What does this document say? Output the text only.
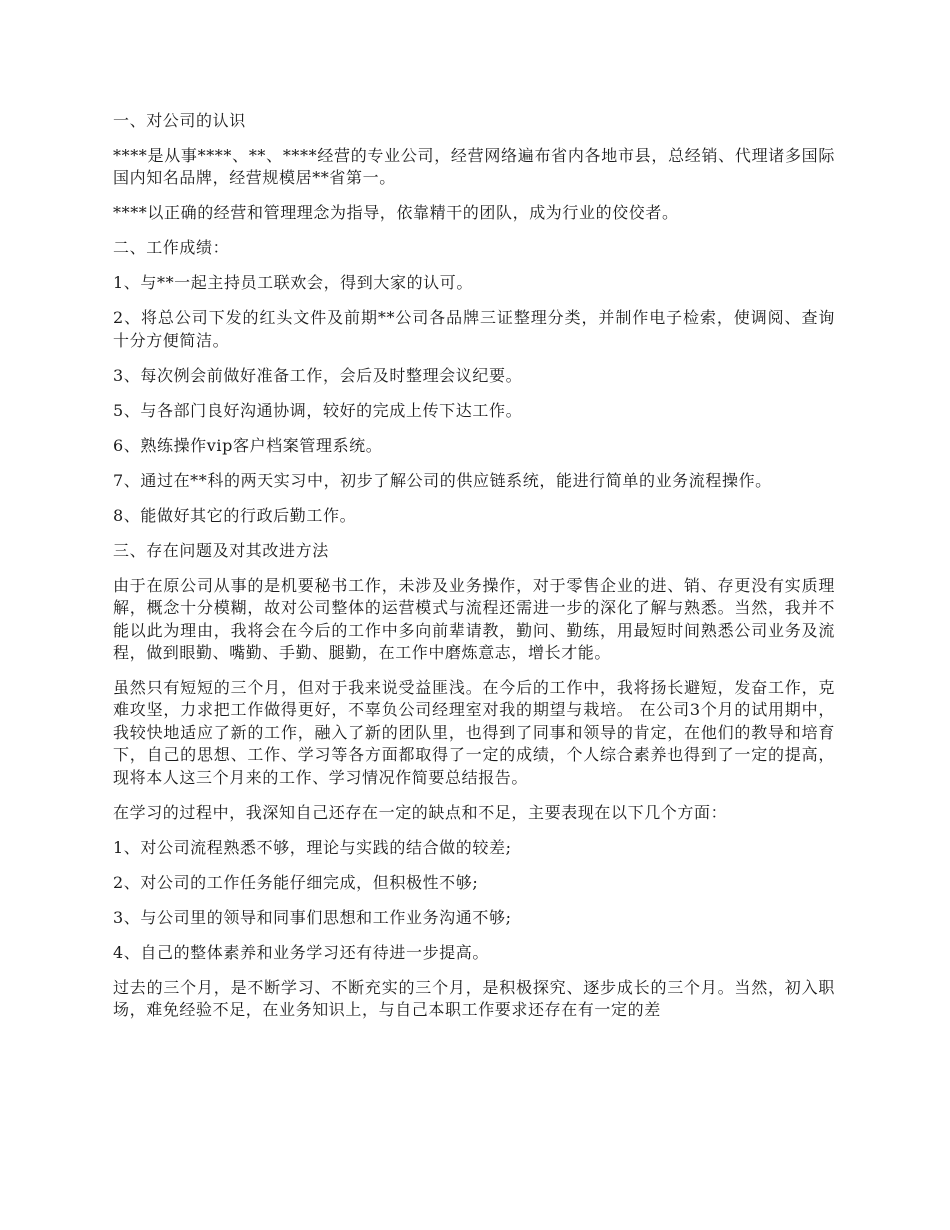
一、对公司的认识

****是从事****、**、****经营的专业公司，经营网络遍布省内各地市县，总经销、代理诸多国际国内知名品牌，经营规模居**省第一。

****以正确的经营和管理理念为指导，依靠精干的团队，成为行业的佼佼者。

二、工作成绩：

1、与**一起主持员工联欢会，得到大家的认可。

2、将总公司下发的红头文件及前期**公司各品牌三证整理分类，并制作电子检索，使调阅、查询十分方便简洁。

3、每次例会前做好准备工作，会后及时整理会议纪要。

5、与各部门良好沟通协调，较好的完成上传下达工作。

6、熟练操作vip客户档案管理系统。

7、通过在**科的两天实习中，初步了解公司的供应链系统，能进行简单的业务流程操作。

8、能做好其它的行政后勤工作。

三、存在问题及对其改进方法

由于在原公司从事的是机要秘书工作，未涉及业务操作，对于零售企业的进、销、存更没有实质理解，概念十分模糊，故对公司整体的运营模式与流程还需进一步的深化了解与熟悉。当然，我并不能以此为理由，我将会在今后的工作中多向前辈请教，勤问、勤练，用最短时间熟悉公司业务及流程，做到眼勤、嘴勤、手勤、腿勤，在工作中磨炼意志，增长才能。

虽然只有短短的三个月，但对于我来说受益匪浅。在今后的工作中，我将扬长避短，发奋工作，克难攻坚，力求把工作做得更好，不辜负公司经理室对我的期望与栽培。 在公司3个月的试用期中，我较快地适应了新的工作，融入了新的团队里，也得到了同事和领导的肯定，在他们的教导和培育下，自己的思想、工作、学习等各方面都取得了一定的成绩，个人综合素养也得到了一定的提高，现将本人这三个月来的工作、学习情况作简要总结报告。

在学习的过程中，我深知自己还存在一定的缺点和不足，主要表现在以下几个方面：

1、对公司流程熟悉不够，理论与实践的结合做的较差;

2、对公司的工作任务能仔细完成，但积极性不够;

3、与公司里的领导和同事们思想和工作业务沟通不够;

4、自己的整体素养和业务学习还有待进一步提高。

过去的三个月，是不断学习、不断充实的三个月，是积极探究、逐步成长的三个月。当然，初入职场，难免经验不足，在业务知识上，与自己本职工作要求还存在有一定的差
